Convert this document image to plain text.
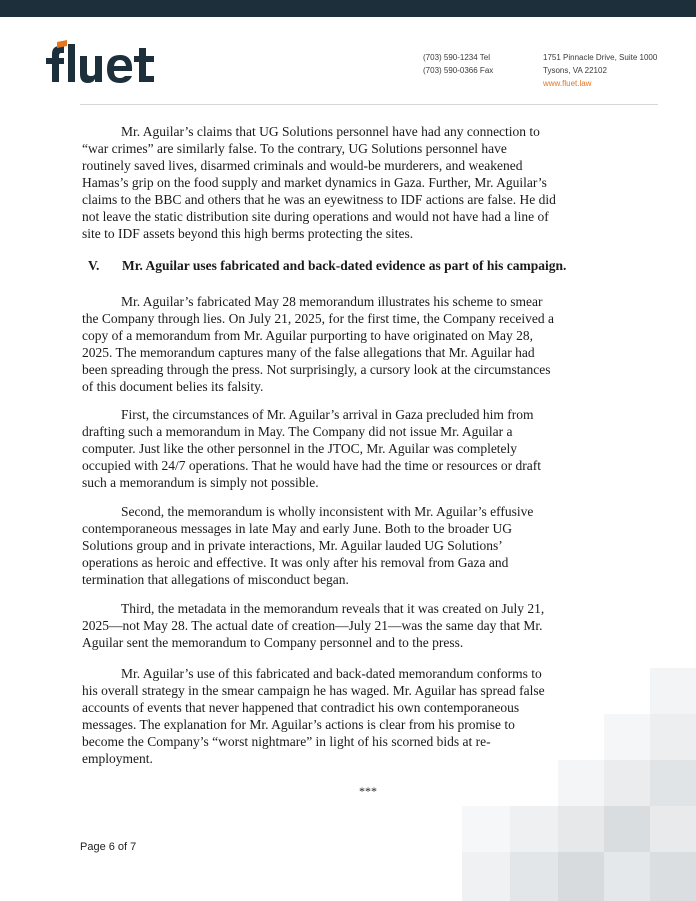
(703) 590-1234 Tel
(703) 590-0366 Fax
1751 Pinnacle Drive, Suite 1000
Tysons, VA 22102
www.fluet.law
Mr. Aguilar’s claims that UG Solutions personnel have had any connection to
“war crimes” are similarly false. To the contrary, UG Solutions personnel have
routinely saved lives, disarmed criminals and would-be murderers, and weakened
Hamas’s grip on the food supply and market dynamics in Gaza. Further, Mr. Aguilar’s
claims to the BBC and others that he was an eyewitness to IDF actions are false. He did
not leave the static distribution site during operations and would not have had a line of
site to IDF assets beyond this high berms protecting the sites.
V. Mr. Aguilar uses fabricated and back-dated evidence as part of his campaign.
Mr. Aguilar’s fabricated May 28 memorandum illustrates his scheme to smear
the Company through lies. On July 21, 2025, for the first time, the Company received a
copy of a memorandum from Mr. Aguilar purporting to have originated on May 28,
2025. The memorandum captures many of the false allegations that Mr. Aguilar had
been spreading through the press. Not surprisingly, a cursory look at the circumstances
of this document belies its falsity.
First, the circumstances of Mr. Aguilar’s arrival in Gaza precluded him from
drafting such a memorandum in May. The Company did not issue Mr. Aguilar a
computer. Just like the other personnel in the JTOC, Mr. Aguilar was completely
occupied with 24/7 operations. That he would have had the time or resources or draft
such a memorandum is simply not possible.
Second, the memorandum is wholly inconsistent with Mr. Aguilar’s effusive
contemporaneous messages in late May and early June. Both to the broader UG
Solutions group and in private interactions, Mr. Aguilar lauded UG Solutions’
operations as heroic and effective. It was only after his removal from Gaza and
termination that allegations of misconduct began.
Third, the metadata in the memorandum reveals that it was created on July 21,
2025—not May 28. The actual date of creation—July 21—was the same day that Mr.
Aguilar sent the memorandum to Company personnel and to the press.
Mr. Aguilar’s use of this fabricated and back-dated memorandum conforms to
his overall strategy in the smear campaign he has waged. Mr. Aguilar has spread false
accounts of events that never happened that contradict his own contemporaneous
messages. The explanation for Mr. Aguilar’s actions is clear from his promise to
become the Company’s “worst nightmare” in light of his scorned bids at re-
employment.
***
Page 6 of 7
